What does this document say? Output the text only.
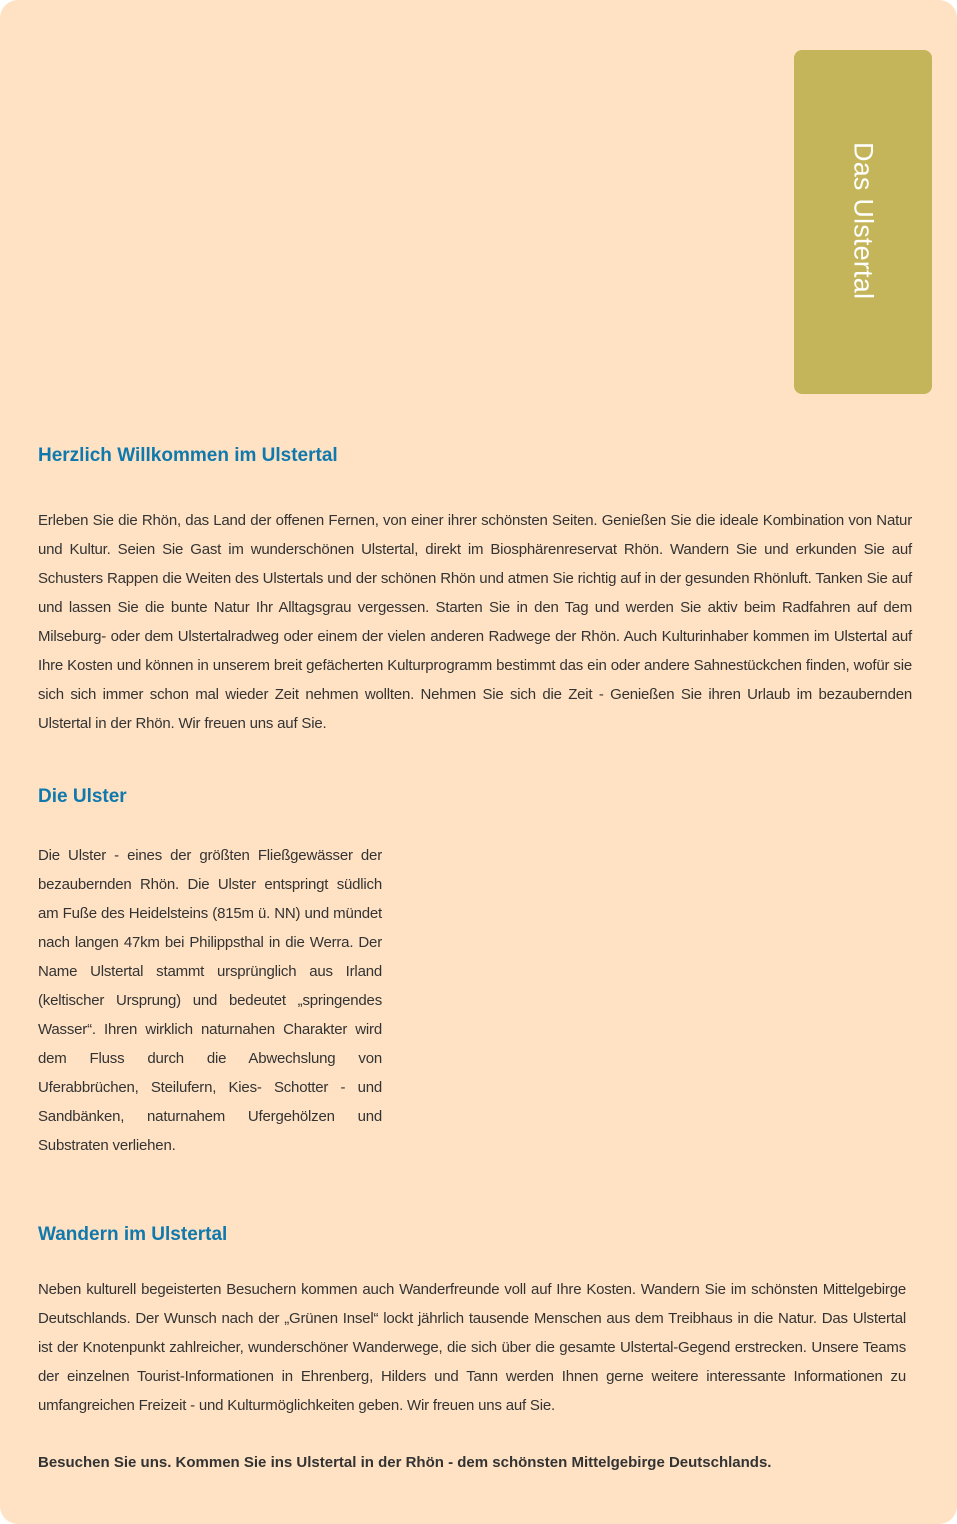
Das Ulstertal
Herzlich Willkommen im Ulstertal

Erleben Sie die Rhön, das Land der offenen Fernen, von einer ihrer schönsten Seiten. Genießen Sie die ideale Kombination von Natur und Kultur. Seien Sie Gast im wunderschönen Ulstertal, direkt im Biosphärenreservat Rhön. Wandern Sie und erkunden Sie auf Schusters Rappen die Weiten des Ulstertals und der schönen Rhön und atmen Sie richtig auf in der gesunden Rhönluft. Tanken Sie auf und lassen Sie die bunte Natur Ihr Alltagsgrau vergessen. Starten Sie in den Tag und werden Sie aktiv beim Radfahren auf dem Milseburg- oder dem Ulstertalradweg oder einem der vielen anderen Radwege der Rhön. Auch Kulturinhaber kommen im Ulstertal auf Ihre Kosten und können in unserem breit gefächerten Kulturprogramm bestimmt das ein oder andere Sahnestückchen finden, wofür sie sich sich immer schon mal wieder Zeit nehmen wollten. Nehmen Sie sich die Zeit - Genießen Sie ihren Urlaub im bezaubernden Ulstertal in der Rhön. Wir freuen uns auf Sie.

Die Ulster

Die Ulster - eines der größten Fließgewässer der bezaubernden Rhön. Die Ulster entspringt südlich am Fuße des Heidelsteins (815m ü. NN) und mündet nach langen 47km bei Philippsthal in die Werra. Der Name Ulstertal stammt ursprünglich aus Irland (keltischer Ursprung) und bedeutet „springendes Wasser“. Ihren wirklich naturnahen Charakter wird dem Fluss durch die Abwechslung von Uferabbrüchen, Steilufern, Kies- Schotter - und Sandbänken, naturnahem Ufergehölzen und Substraten verliehen.

Wandern im Ulstertal

Neben kulturell begeisterten Besuchern kommen auch Wanderfreunde voll auf Ihre Kosten. Wandern Sie im schönsten Mittelgebirge Deutschlands. Der Wunsch nach der „Grünen Insel“ lockt jährlich tausende Menschen aus dem Treibhaus in die Natur. Das Ulstertal ist der Knotenpunkt zahlreicher, wunderschöner Wanderwege, die sich über die gesamte Ulstertal-Gegend erstrecken. Unsere Teams der einzelnen Tourist-Informationen in Ehrenberg, Hilders und Tann werden Ihnen gerne weitere interessante Informationen zu umfangreichen Freizeit - und Kulturmöglichkeiten geben. Wir freuen uns auf Sie.

Besuchen Sie uns. Kommen Sie ins Ulstertal in der Rhön - dem schönsten Mittelgebirge Deutschlands.
